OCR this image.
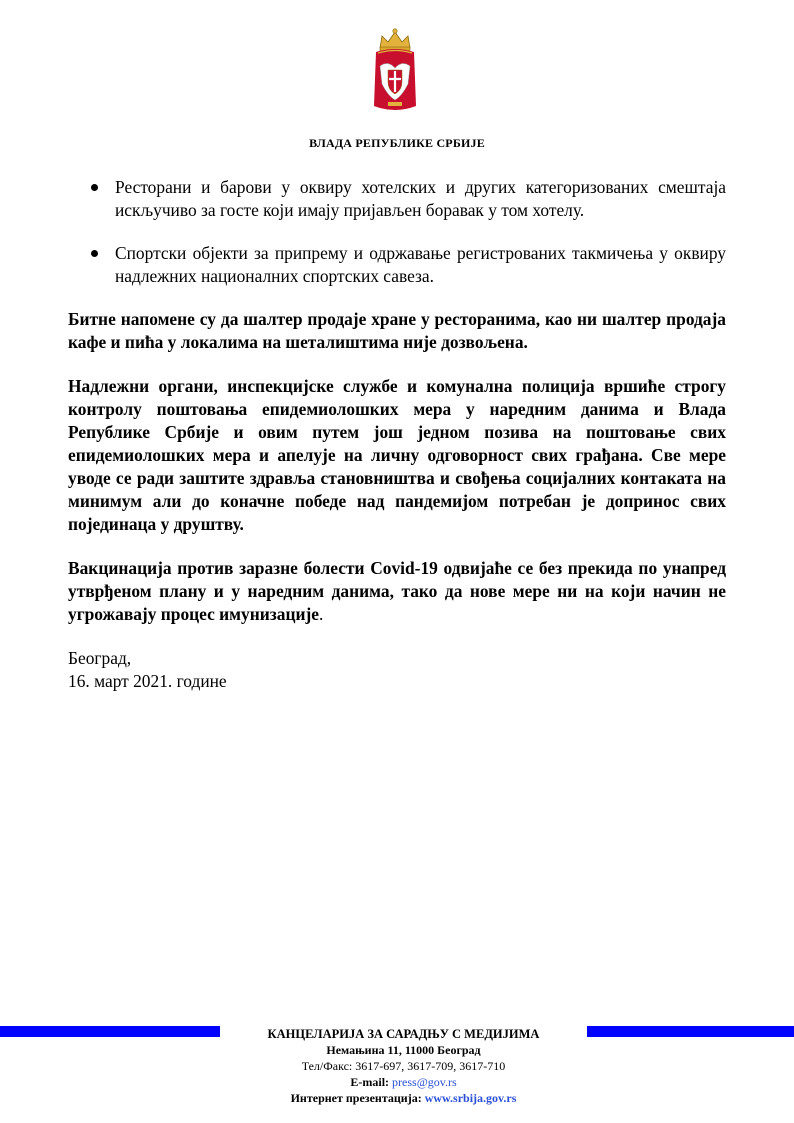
ВЛАДА РЕПУБЛИКЕ СРБИЈЕ
Ресторани и барови у оквиру хотелских и других категоризованих смештаја искључиво за госте који имају пријављен боравак у том хотелу.
Спортски објекти за припрему и одржавање регистрованих такмичења у оквиру надлежних националних спортских савеза.

Битне напомене су да шалтер продаје хране у ресторанима, као ни шалтер продаја кафе и пића у локалима на шеталиштима није дозвољена.

Надлежни органи, инспекцијске службе и комунална полиција вршиће строгу контролу поштовања епидемиолошких мера у наредним данима и Влада Републике Србије и овим путем још једном позива на поштовање свих епидемиолошких мера и апелује на личну одговорност свих грађана. Све мере уводе се ради заштите здравља становништва и свођења социјалних контаката на минимум али до коначне победе над пандемијом потребан је допринос свих појединаца у друштву.

Вакцинација против заразне болести Covid-19 одвијаће се без прекида по унапред утврђеном плану и у наредним данима, тако да нове мере ни на који начин не угрожавају процес имунизације.

Београд,

16. март 2021. године

КАНЦЕЛАРИЈА ЗА САРАДЊУ С МЕДИЈИМА
Немањина 11, 11000 Београд
Тел/Факс: 3617-697, 3617-709, 3617-710
E-mail: press@gov.rs
Интернет презентација: www.srbija.gov.rs
